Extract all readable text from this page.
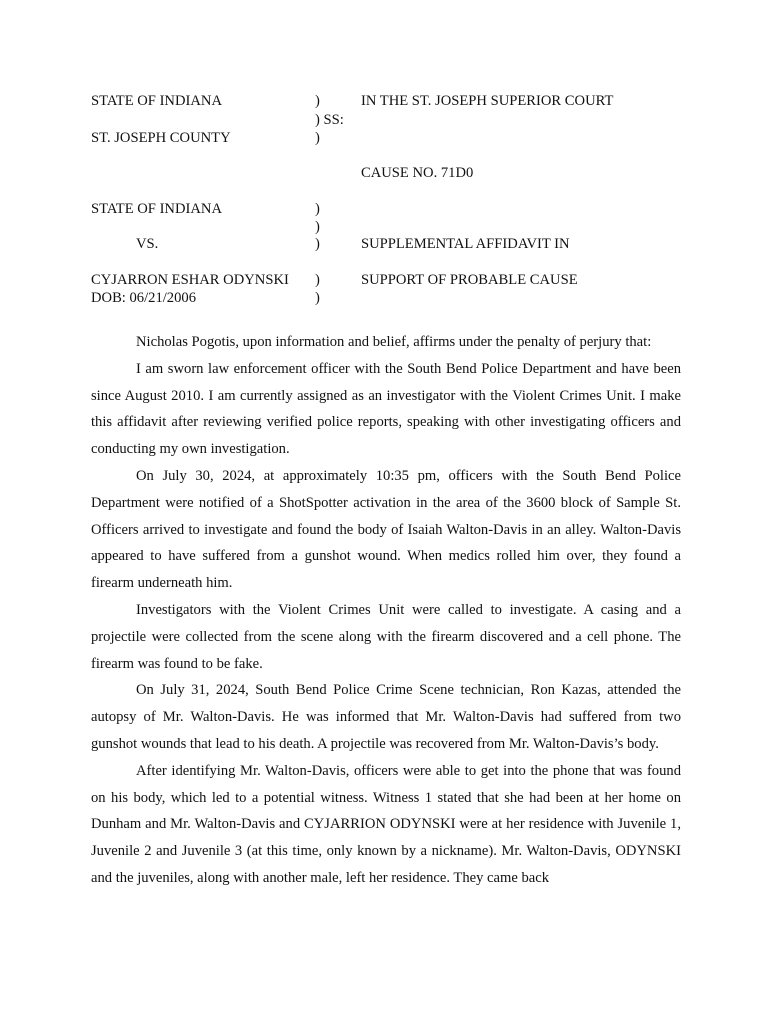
STATE OF INDIANA
ST. JOSEPH COUNTY
)
) SS:
)
IN THE ST. JOSEPH SUPERIOR COURT
CAUSE NO. 71D0
STATE OF INDIANA
VS.
CYJARRON ESHAR ODYNSKI
DOB: 06/21/2006
)
)
)
)
)
SUPPLEMENTAL AFFIDAVIT IN
SUPPORT OF PROBABLE CAUSE

Nicholas Pogotis, upon information and belief, affirms under the penalty of perjury that:

I am sworn law enforcement officer with the South Bend Police Department and have been since August 2010. I am currently assigned as an investigator with the Violent Crimes Unit. I make this affidavit after reviewing verified police reports, speaking with other investigating officers and conducting my own investigation.

On July 30, 2024, at approximately 10:35 pm, officers with the South Bend Police Department were notified of a ShotSpotter activation in the area of the 3600 block of Sample St. Officers arrived to investigate and found the body of Isaiah Walton-Davis in an alley. Walton-Davis appeared to have suffered from a gunshot wound. When medics rolled him over, they found a firearm underneath him.

Investigators with the Violent Crimes Unit were called to investigate. A casing and a projectile were collected from the scene along with the firearm discovered and a cell phone. The firearm was found to be fake.

On July 31, 2024, South Bend Police Crime Scene technician, Ron Kazas, attended the autopsy of Mr. Walton-Davis. He was informed that Mr. Walton-Davis had suffered from two gunshot wounds that lead to his death. A projectile was recovered from Mr. Walton-Davis’s body.

After identifying Mr. Walton-Davis, officers were able to get into the phone that was found on his body, which led to a potential witness. Witness 1 stated that she had been at her home on Dunham and Mr. Walton-Davis and CYJARRION ODYNSKI were at her residence with Juvenile 1, Juvenile 2 and Juvenile 3 (at this time, only known by a nickname). Mr. Walton-Davis, ODYNSKI and the juveniles, along with another male, left her residence. They came back
